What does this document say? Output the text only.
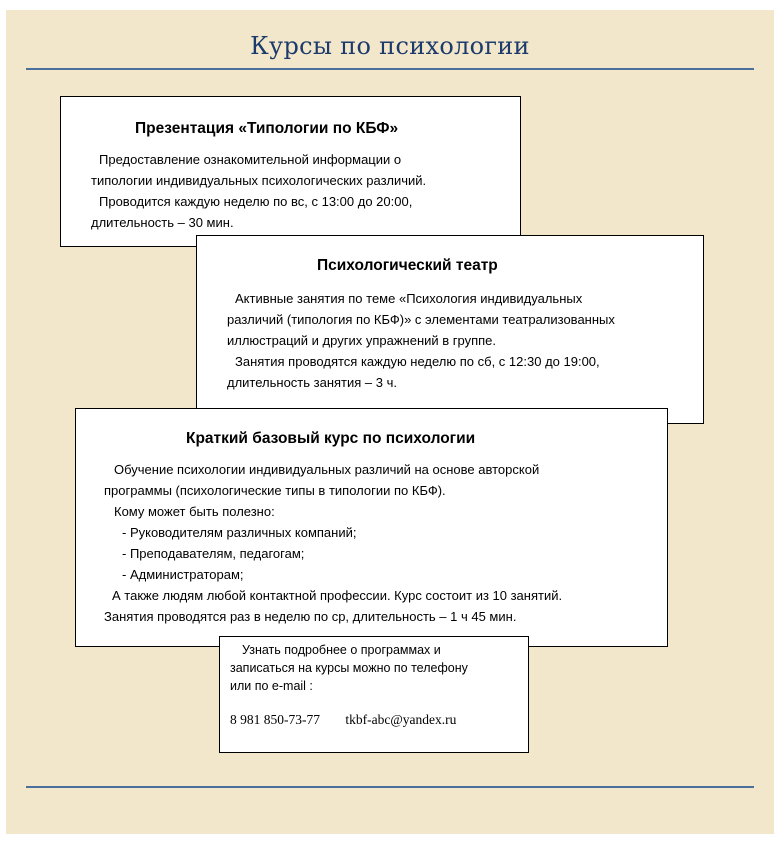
Курсы по психологии
Презентация «Типологии по КБФ»

Предоставление ознакомительной информации о

типологии индивидуальных психологических различий.

Проводится каждую неделю по вс, с 13:00 до 20:00,

длительность – 30 мин.

Психологический театр

Активные занятия по теме «Психология индивидуальных

различий (типология по КБФ)» с элементами театрализованных

иллюстраций и других упражнений в группе.

Занятия проводятся каждую неделю по сб, с 12:30 до 19:00,

длительность занятия – 3 ч.

Краткий базовый курс по психологии

Обучение психологии индивидуальных различий на основе авторской

программы (психологические типы в типологии по КБФ).

Кому может быть полезно:

- Руководителям различных компаний;

- Преподавателям, педагогам;

- Администраторам;

А также людям любой контактной профессии. Курс состоит из 10 занятий.

Занятия проводятся раз в неделю по ср, длительность – 1 ч 45 мин.

Узнать подробнее о программах и

записаться на курсы можно по телефону

или по e-mail :

8 981 850-73-77 tkbf-abc@yandex.ru
